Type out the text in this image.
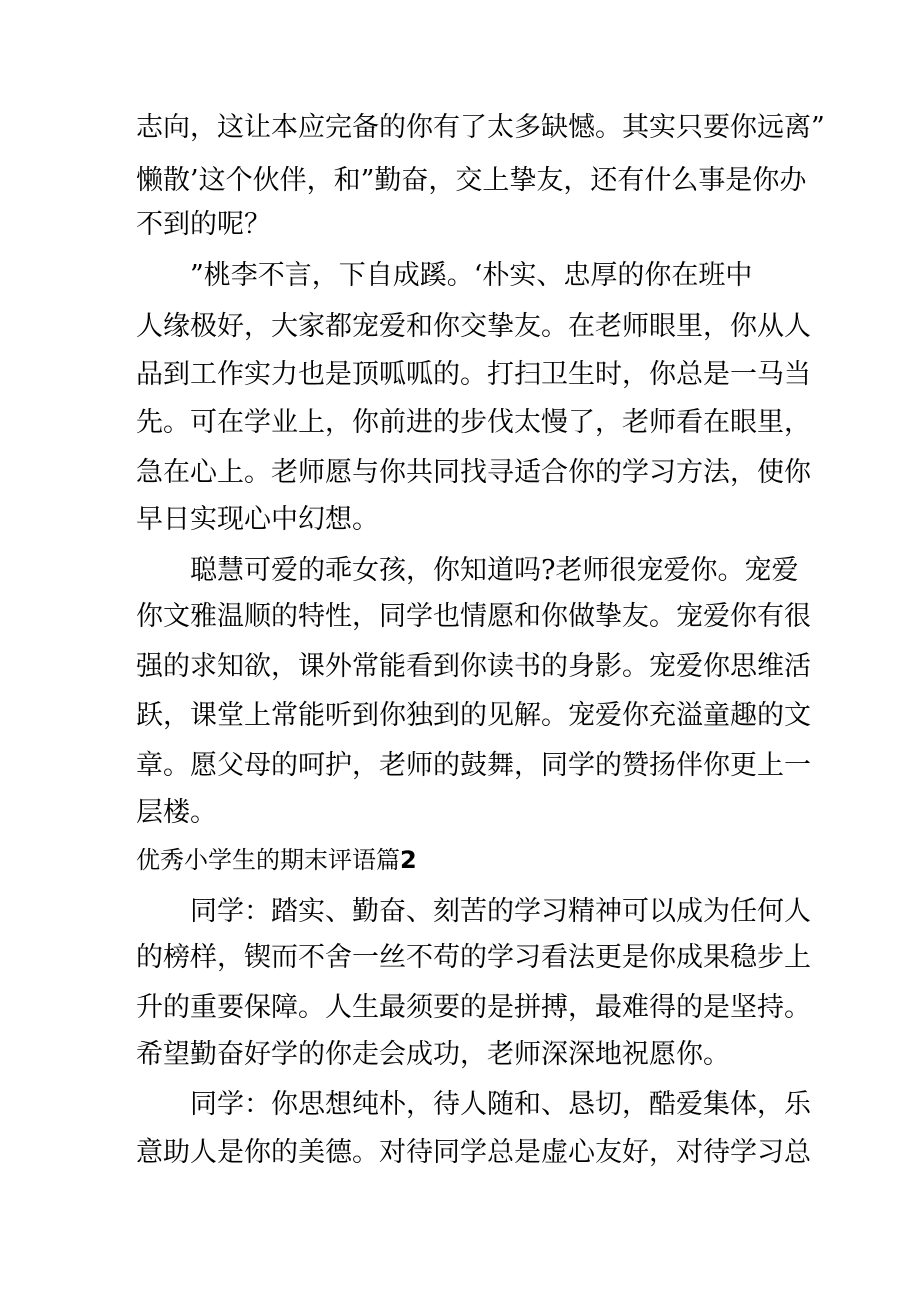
志向，这让本应完备的你有了太多缺憾。其实只要你远离”

懒散’这个伙伴，和”勤奋，交上挚友，还有什么事是你办

不到的呢？

”桃李不言，下自成蹊。‘朴实、忠厚的你在班中

人缘极好，大家都宠爱和你交挚友。在老师眼里，你从人

品到工作实力也是顶呱呱的。打扫卫生时，你总是一马当

先。可在学业上，你前进的步伐太慢了，老师看在眼里，

急在心上。老师愿与你共同找寻适合你的学习方法，使你

早日实现心中幻想。

聪慧可爱的乖女孩，你知道吗?老师很宠爱你。宠爱

你文雅温顺的特性，同学也情愿和你做挚友。宠爱你有很

强的求知欲，课外常能看到你读书的身影。宠爱你思维活

跃，课堂上常能听到你独到的见解。宠爱你充溢童趣的文

章。愿父母的呵护，老师的鼓舞，同学的赞扬伴你更上一

层楼。

优秀小学生的期末评语篇2

同学：踏实、勤奋、刻苦的学习精神可以成为任何人

的榜样，锲而不舍一丝不苟的学习看法更是你成果稳步上

升的重要保障。人生最须要的是拼搏，最难得的是坚持。

希望勤奋好学的你走会成功，老师深深地祝愿你。

同学：你思想纯朴，待人随和、恳切，酷爱集体，乐

意助人是你的美德。对待同学总是虚心友好，对待学习总
